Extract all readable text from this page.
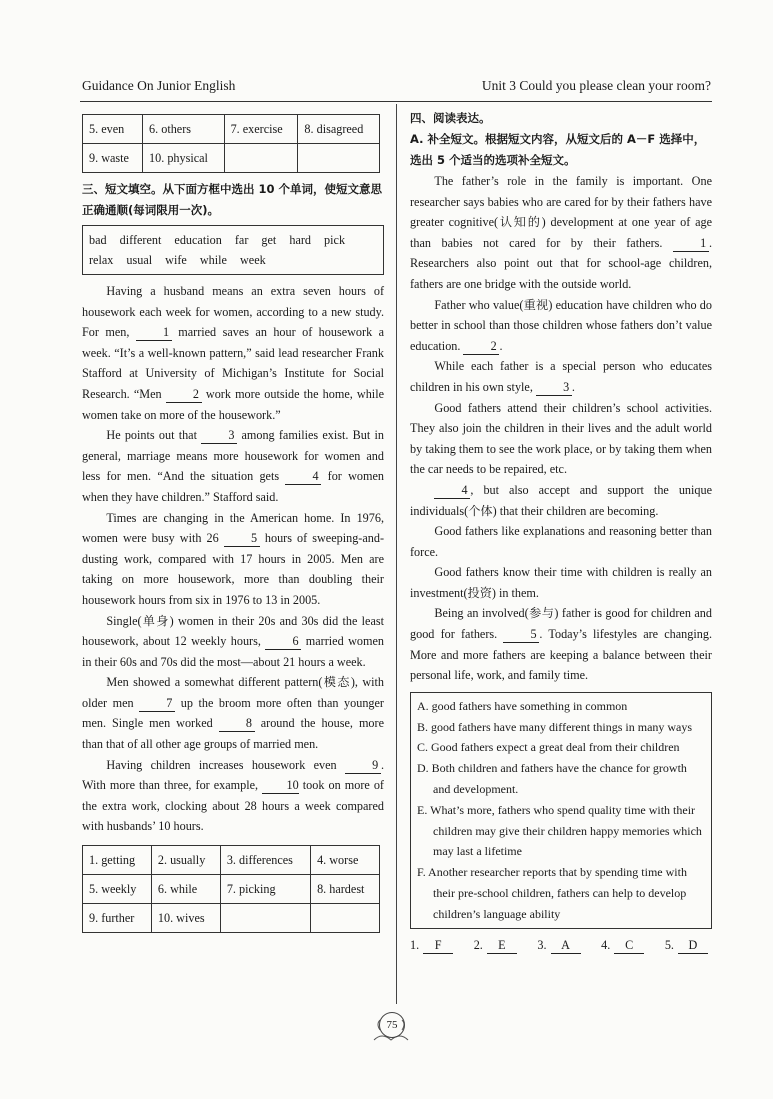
Guidance On Junior English	Unit 3 Could you please clean your room?
5. even	6. others	7. exercise	8. disagreed
9. waste	10. physical		
三、短文填空。从下面方框中选出 10 个单词，使短文意思正确通顺(每词限用一次)。
bad different education far get hard pick
relax usual wife while week

Having a husband means an extra seven hours of housework each week for women, according to a new study. For men, 1 married saves an hour of housework a week. “It’s a well-known pattern,” said lead researcher Frank Stafford at University of Michigan’s Institute for Social Research. “Men 2 work more outside the home, while women take on more of the housework.”

He points out that 3 among families exist. But in general, marriage means more housework for women and less for men. “And the situation gets 4 for women when they have children.” Stafford said.

Times are changing in the American home. In 1976, women were busy with 26 5 hours of sweeping-and-dusting work, compared with 17 hours in 2005. Men are taking on more housework, more than doubling their housework hours from six in 1976 to 13 in 2005.

Single(单身) women in their 20s and 30s did the least housework, about 12 weekly hours, 6 married women in their 60s and 70s did the most—about 21 hours a week.

Men showed a somewhat different pattern(模态), with older men 7 up the broom more often than younger men. Single men worked 8 around the house, more than that of all other age groups of married men.

Having children increases housework even 9 . With more than three, for example, 10 took on more of the extra work, clocking about 28 hours a week compared with husbands’ 10 hours.

1. getting	2. usually	3. differences	4. worse
5. weekly	6. while	7. picking	8. hardest
9. further	10. wives		
四、阅读表达。
A. 补全短文。根据短文内容，从短文后的 A－F 选择中，选出 5 个适当的选项补全短文。

The father’s role in the family is important. One researcher says babies who are cared for by their fathers have greater cognitive(认知的) development at one year of age than babies not cared for by their fathers. 1 . Researchers also point out that for school-age children, fathers are one bridge with the outside world.

Father who value(重视) education have children who do better in school than those children whose fathers don’t value education. 2 .

While each father is a special person who educates children in his own style, 3 .

Good fathers attend their children’s school activities. They also join the children in their lives and the adult world by taking them to see the work place, or by taking them when the car needs to be repaired, etc.

4 , but also accept and support the unique individuals(个体) that their children are becoming.

Good fathers like explanations and reasoning better than force.

Good fathers know their time with children is really an investment(投资) in them.

Being an involved(参与) father is good for children and good for fathers. 5 . Today’s lifestyles are changing. More and more fathers are keeping a balance between their personal life, work, and family time.

A. good fathers have something in common
B. good fathers have many different things in many ways
C. Good fathers expect a great deal from their children
D. Both children and fathers have the chance for growth and development.
E. What’s more, fathers who spend quality time with their children may give their children happy memories which may last a lifetime
F. Another researcher reports that by spending time with their pre-school children, fathers can help to develop children’s language ability
1. F	2. E	3. A	4. C	5. D
75
